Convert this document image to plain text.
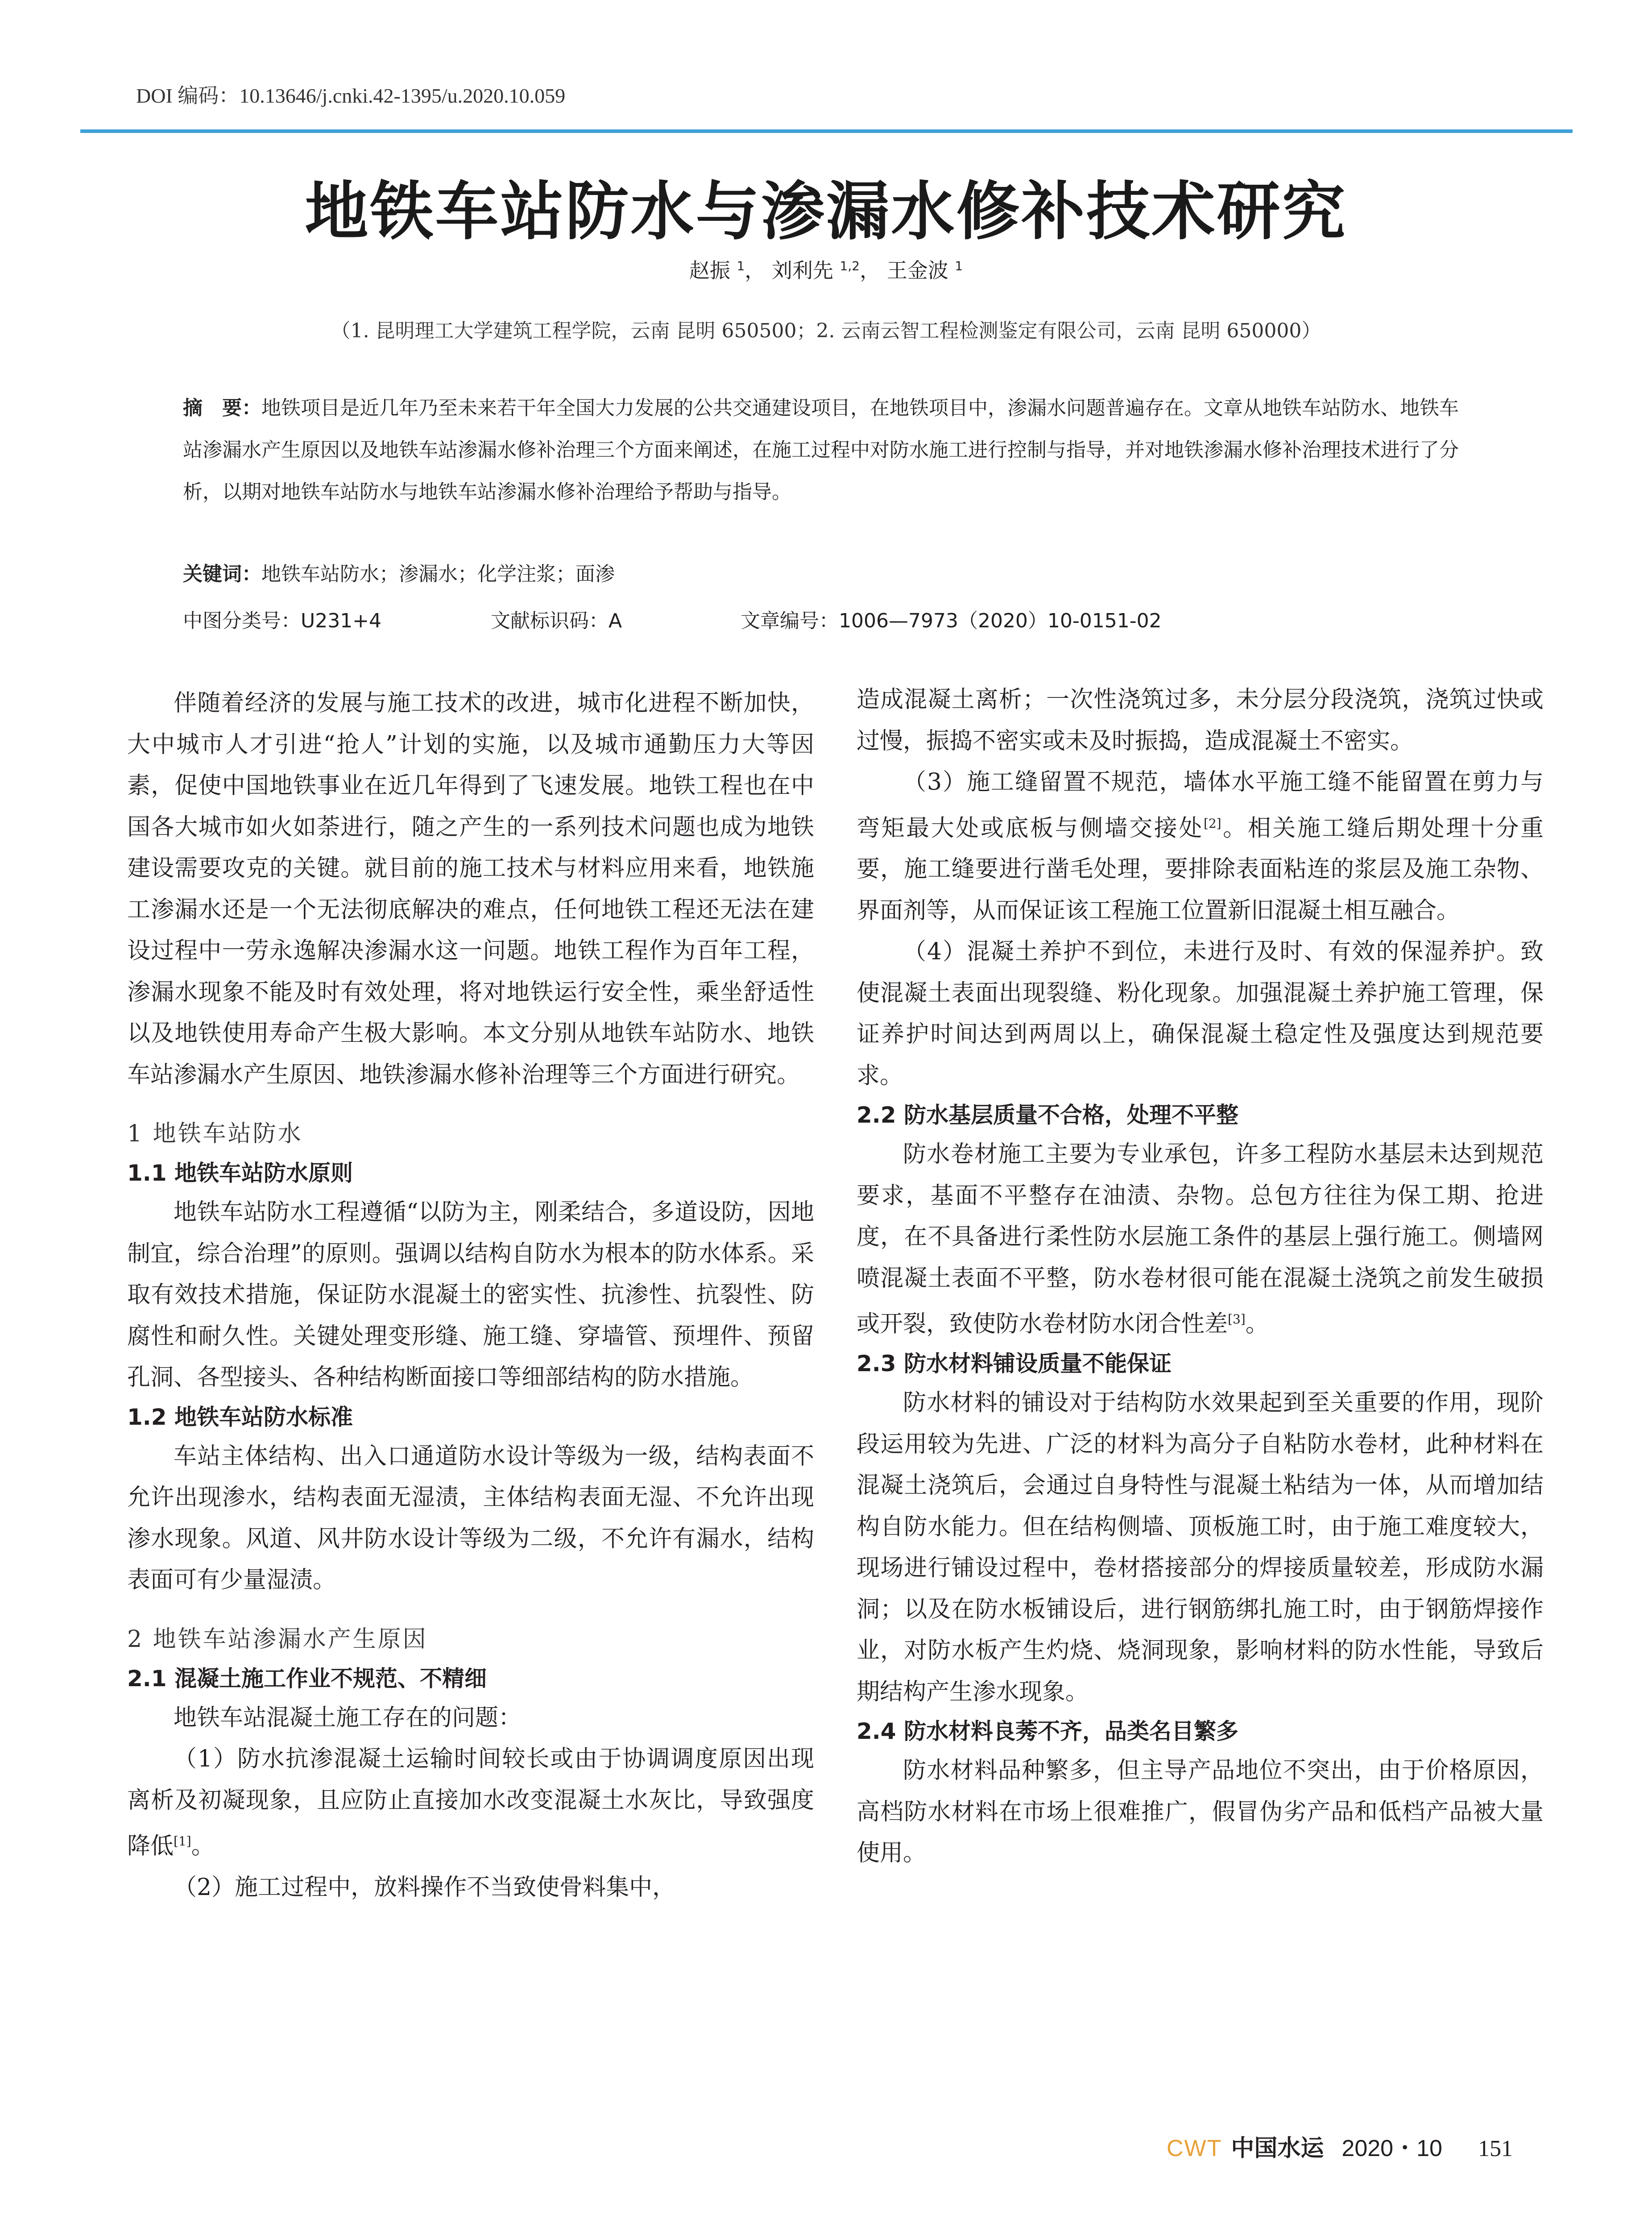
DOI 编码：10.13646/j.cnki.42-1395/u.2020.10.059
地铁车站防水与渗漏水修补技术研究
赵振 $^1$， 刘利先 $^{1,2}$， 王金波 $^1$
（1. 昆明理工大学建筑工程学院，云南 昆明 650500；2. 云南云智工程检测鉴定有限公司，云南 昆明 650000）
摘　要：地铁项目是近几年乃至未来若干年全国大力发展的公共交通建设项目，在地铁项目中，渗漏水问题普遍存在。文章从地铁车站防水、地铁车站渗漏水产生原因以及地铁车站渗漏水修补治理三个方面来阐述，在施工过程中对防水施工进行控制与指导，并对地铁渗漏水修补治理技术进行了分析，以期对地铁车站防水与地铁车站渗漏水修补治理给予帮助与指导。
关键词：地铁车站防水；渗漏水；化学注浆；面渗
中图分类号：U231+4	文献标识码：A	文章编号：1006—7973（2020）10-0151-02

伴随着经济的发展与施工技术的改进，城市化进程不断加快，大中城市人才引进“抢人”计划的实施，以及城市通勤压力大等因素，促使中国地铁事业在近几年得到了飞速发展。地铁工程也在中国各大城市如火如荼进行，随之产生的一系列技术问题也成为地铁建设需要攻克的关键。就目前的施工技术与材料应用来看，地铁施工渗漏水还是一个无法彻底解决的难点，任何地铁工程还无法在建设过程中一劳永逸解决渗漏水这一问题。地铁工程作为百年工程，渗漏水现象不能及时有效处理，将对地铁运行安全性，乘坐舒适性以及地铁使用寿命产生极大影响。本文分别从地铁车站防水、地铁车站渗漏水产生原因、地铁渗漏水修补治理等三个方面进行研究。

1 地铁车站防水
1.1 地铁车站防水原则

地铁车站防水工程遵循“以防为主，刚柔结合，多道设防，因地制宜，综合治理”的原则。强调以结构自防水为根本的防水体系。采取有效技术措施，保证防水混凝土的密实性、抗渗性、抗裂性、防腐性和耐久性。关键处理变形缝、施工缝、穿墙管、预埋件、预留孔洞、各型接头、各种结构断面接口等细部结构的防水措施。

1.2 地铁车站防水标准

车站主体结构、出入口通道防水设计等级为一级，结构表面不允许出现渗水，结构表面无湿渍，主体结构表面无湿、不允许出现渗水现象。风道、风井防水设计等级为二级，不允许有漏水，结构表面可有少量湿渍。

2 地铁车站渗漏水产生原因
2.1 混凝土施工作业不规范、不精细

地铁车站混凝土施工存在的问题：

（1）防水抗渗混凝土运输时间较长或由于协调调度原因出现离析及初凝现象，且应防止直接加水改变混凝土水灰比，导致强度降低[1]。

（2）施工过程中，放料操作不当致使骨料集中，

造成混凝土离析；一次性浇筑过多，未分层分段浇筑，浇筑过快或过慢，振捣不密实或未及时振捣，造成混凝土不密实。

（3）施工缝留置不规范，墙体水平施工缝不能留置在剪力与弯矩最大处或底板与侧墙交接处[2]。相关施工缝后期处理十分重要，施工缝要进行凿毛处理，要排除表面粘连的浆层及施工杂物、界面剂等，从而保证该工程施工位置新旧混凝土相互融合。

（4）混凝土养护不到位，未进行及时、有效的保湿养护。致使混凝土表面出现裂缝、粉化现象。加强混凝土养护施工管理，保证养护时间达到两周以上，确保混凝土稳定性及强度达到规范要求。

2.2 防水基层质量不合格，处理不平整

防水卷材施工主要为专业承包，许多工程防水基层未达到规范要求，基面不平整存在油渍、杂物。总包方往往为保工期、抢进度，在不具备进行柔性防水层施工条件的基层上强行施工。侧墙网喷混凝土表面不平整，防水卷材很可能在混凝土浇筑之前发生破损或开裂，致使防水卷材防水闭合性差[3]。

2.3 防水材料铺设质量不能保证

防水材料的铺设对于结构防水效果起到至关重要的作用，现阶段运用较为先进、广泛的材料为高分子自粘防水卷材，此种材料在混凝土浇筑后，会通过自身特性与混凝土粘结为一体，从而增加结构自防水能力。但在结构侧墙、顶板施工时，由于施工难度较大，现场进行铺设过程中，卷材搭接部分的焊接质量较差，形成防水漏洞；以及在防水板铺设后，进行钢筋绑扎施工时，由于钢筋焊接作业，对防水板产生灼烧、烧洞现象，影响材料的防水性能，导致后期结构产生渗水现象。

2.4 防水材料良莠不齐，品类名目繁多

防水材料品种繁多，但主导产品地位不突出，由于价格原因，高档防水材料在市场上很难推广，假冒伪劣产品和低档产品被大量使用。

CWT 中国水运 2020・10 151
